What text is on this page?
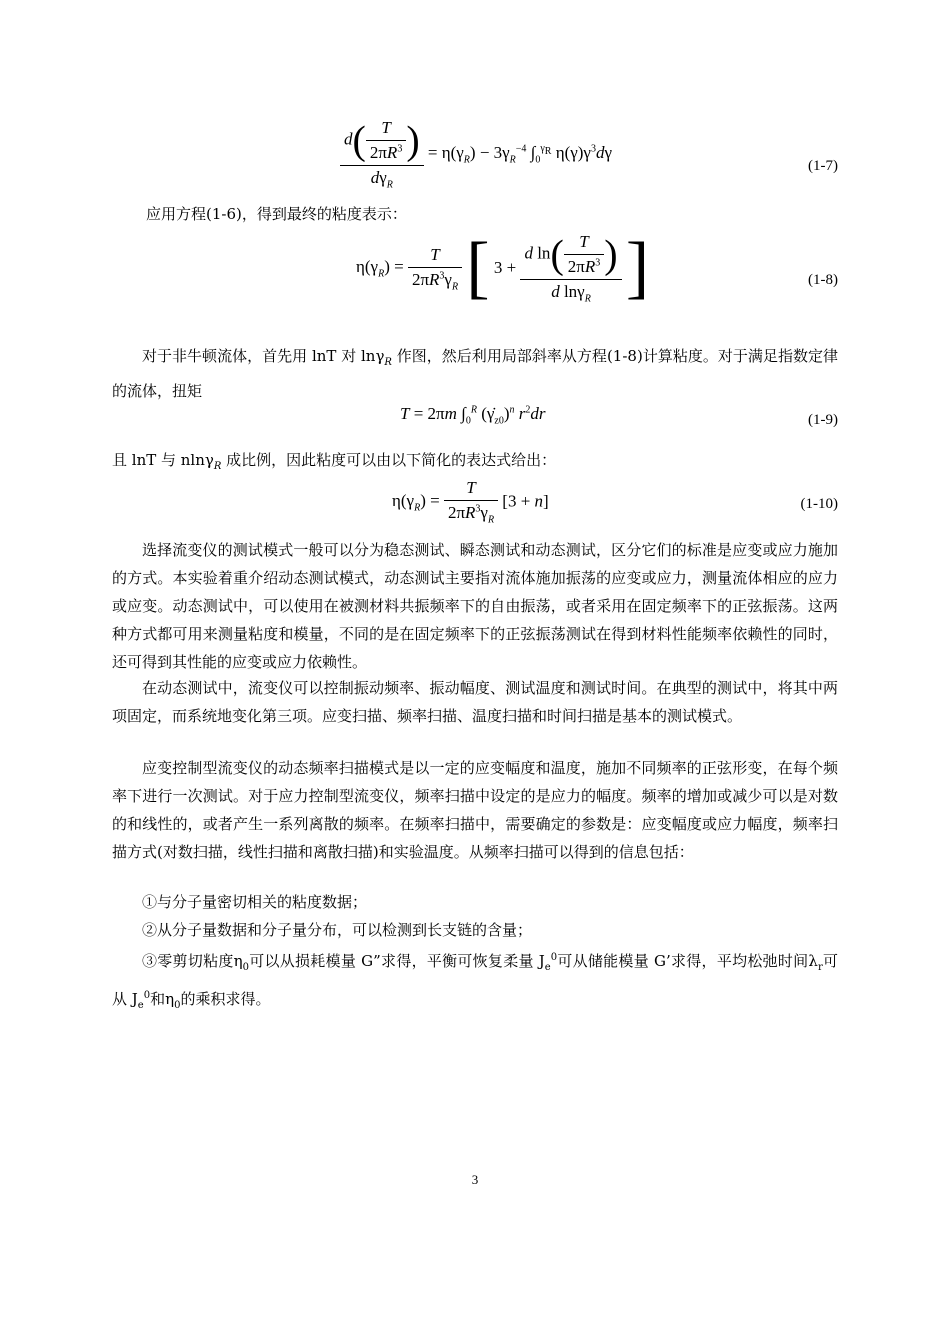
$\frac{d( \frac{T}{2\pi R^3} )}{d\gamma_R} = \eta(\gamma_R) - 3\gamma_R^{-4}$ $\int_0^{\gamma_R}$ $\eta(\gamma)\gamma^3d\gamma$
(1-7)
应用方程(1-6)，得到最终的粘度表示：
$\eta(\gamma_R) = \frac{T}{2\pi R^3\gamma_R}$ [ $3 + \frac{d \ln( \frac{T}{2\pi R^3} )}{d \ln\gamma_R}$ ]	(1-8)
对于非牛顿流体，首先用 lnT 对 lnγ$_R$ 作图，然后利用局部斜率从方程(1-8)计算粘度。对于满足指数定律的流体，扭矩
T = 2πm $\int_0^R$ $(\gammȧ_{z0})^n$ $r^2dr$	(1-9)
且 lnT 与 nlnγ$_R$ 成比例，因此粘度可以由以下简化的表达式给出：
$\eta(\gamma_R) = \frac{T}{2\pi R^3\gamma_R} [3 + n]$	(1-10)
选择流变仪的测试模式一般可以分为稳态测试、瞬态测试和动态测试，区分它们的标准是应变或应力施加的方式。本实验着重介绍动态测试模式，动态测试主要指对流体施加振荡的应变或应力，测量流体相应的应力或应变。动态测试中，可以使用在被测材料共振频率下的自由振荡，或者采用在固定频率下的正弦振荡。这两种方式都可用来测量粘度和模量，不同的是在固定频率下的正弦振荡测试在得到材料性能频率依赖性的同时，还可得到其性能的应变或应力依赖性。
在动态测试中，流变仪可以控制振动频率、振动幅度、测试温度和测试时间。在典型的测试中，将其中两项固定，而系统地变化第三项。应变扫描、频率扫描、温度扫描和时间扫描是基本的测试模式。
应变控制型流变仪的动态频率扫描模式是以一定的应变幅度和温度，施加不同频率的正弦形变，在每个频率下进行一次测试。对于应力控制型流变仪，频率扫描中设定的是应力的幅度。频率的增加或减少可以是对数的和线性的，或者产生一系列离散的频率。在频率扫描中，需要确定的参数是：应变幅度或应力幅度，频率扫描方式(对数扫描，线性扫描和离散扫描)和实验温度。从频率扫描可以得到的信息包括：
①与分子量密切相关的粘度数据；
②从分子量数据和分子量分布，可以检测到长支链的含量；
③零剪切粘度$\eta_0$可以从损耗模量 G”求得，平衡可恢复柔量 $J_e^0$可从储能模量 G’求得，平均松弛时间$\lambda_r$可从 $J_e^0$和$\eta_0$的乘积求得。
3
